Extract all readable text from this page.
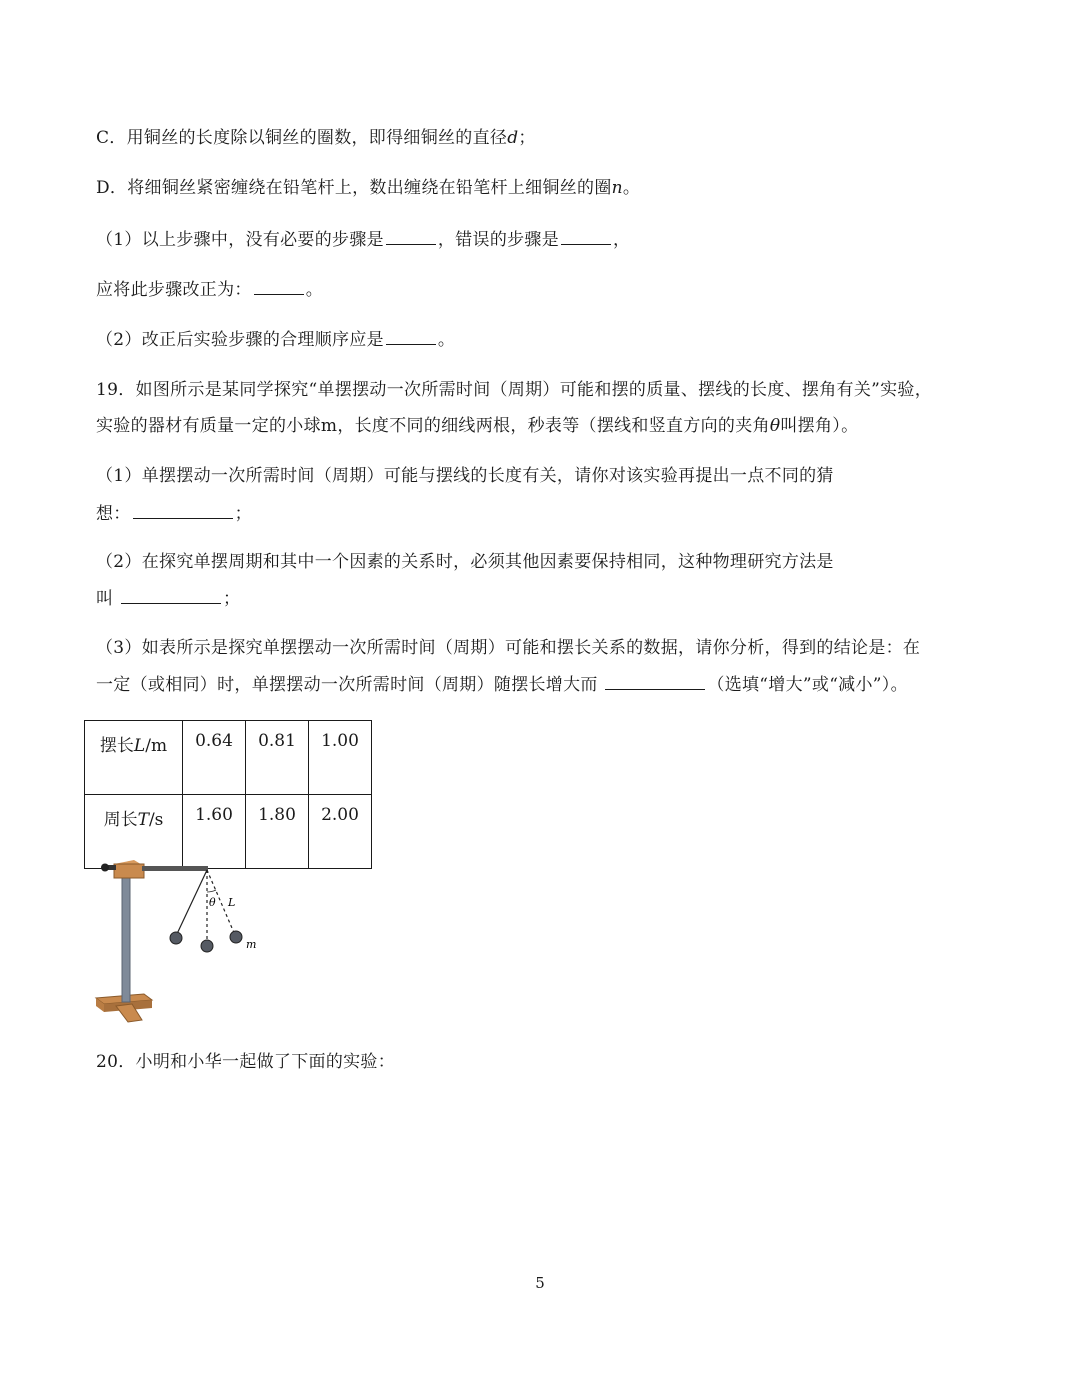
C．用铜丝的长度除以铜丝的圈数，即得细铜丝的直径d；
D．将细铜丝紧密缠绕在铅笔杆上，数出缠绕在铅笔杆上细铜丝的圈n。
（1）以上步骤中，没有必要的步骤是	，错误的步骤是	，
应将此步骤改正为：	。
（2）改正后实验步骤的合理顺序应是	。
19．如图所示是某同学探究“单摆摆动一次所需时间（周期）可能和摆的质量、摆线的长度、摆角有关”实验，
实验的器材有质量一定的小球m，长度不同的细线两根，秒表等（摆线和竖直方向的夹角θ叫摆角）。
（1）单摆摆动一次所需时间（周期）可能与摆线的长度有关，请你对该实验再提出一点不同的猜
想：	；
（2）在探究单摆周期和其中一个因素的关系时，必须其他因素要保持相同，这种物理研究方法是
叫	；
（3）如表所示是探究单摆摆动一次所需时间（周期）可能和摆长关系的数据，请你分析，得到的结论是：在
一定（或相同）时，单摆摆动一次所需时间（周期）随摆长增大而	（选填“增大”或“减小”）。
摆长L/m	0.64	0.81	1.00
周长T/s	1.60	1.80	2.00
θ L
m
20．小明和小华一起做了下面的实验：
5
